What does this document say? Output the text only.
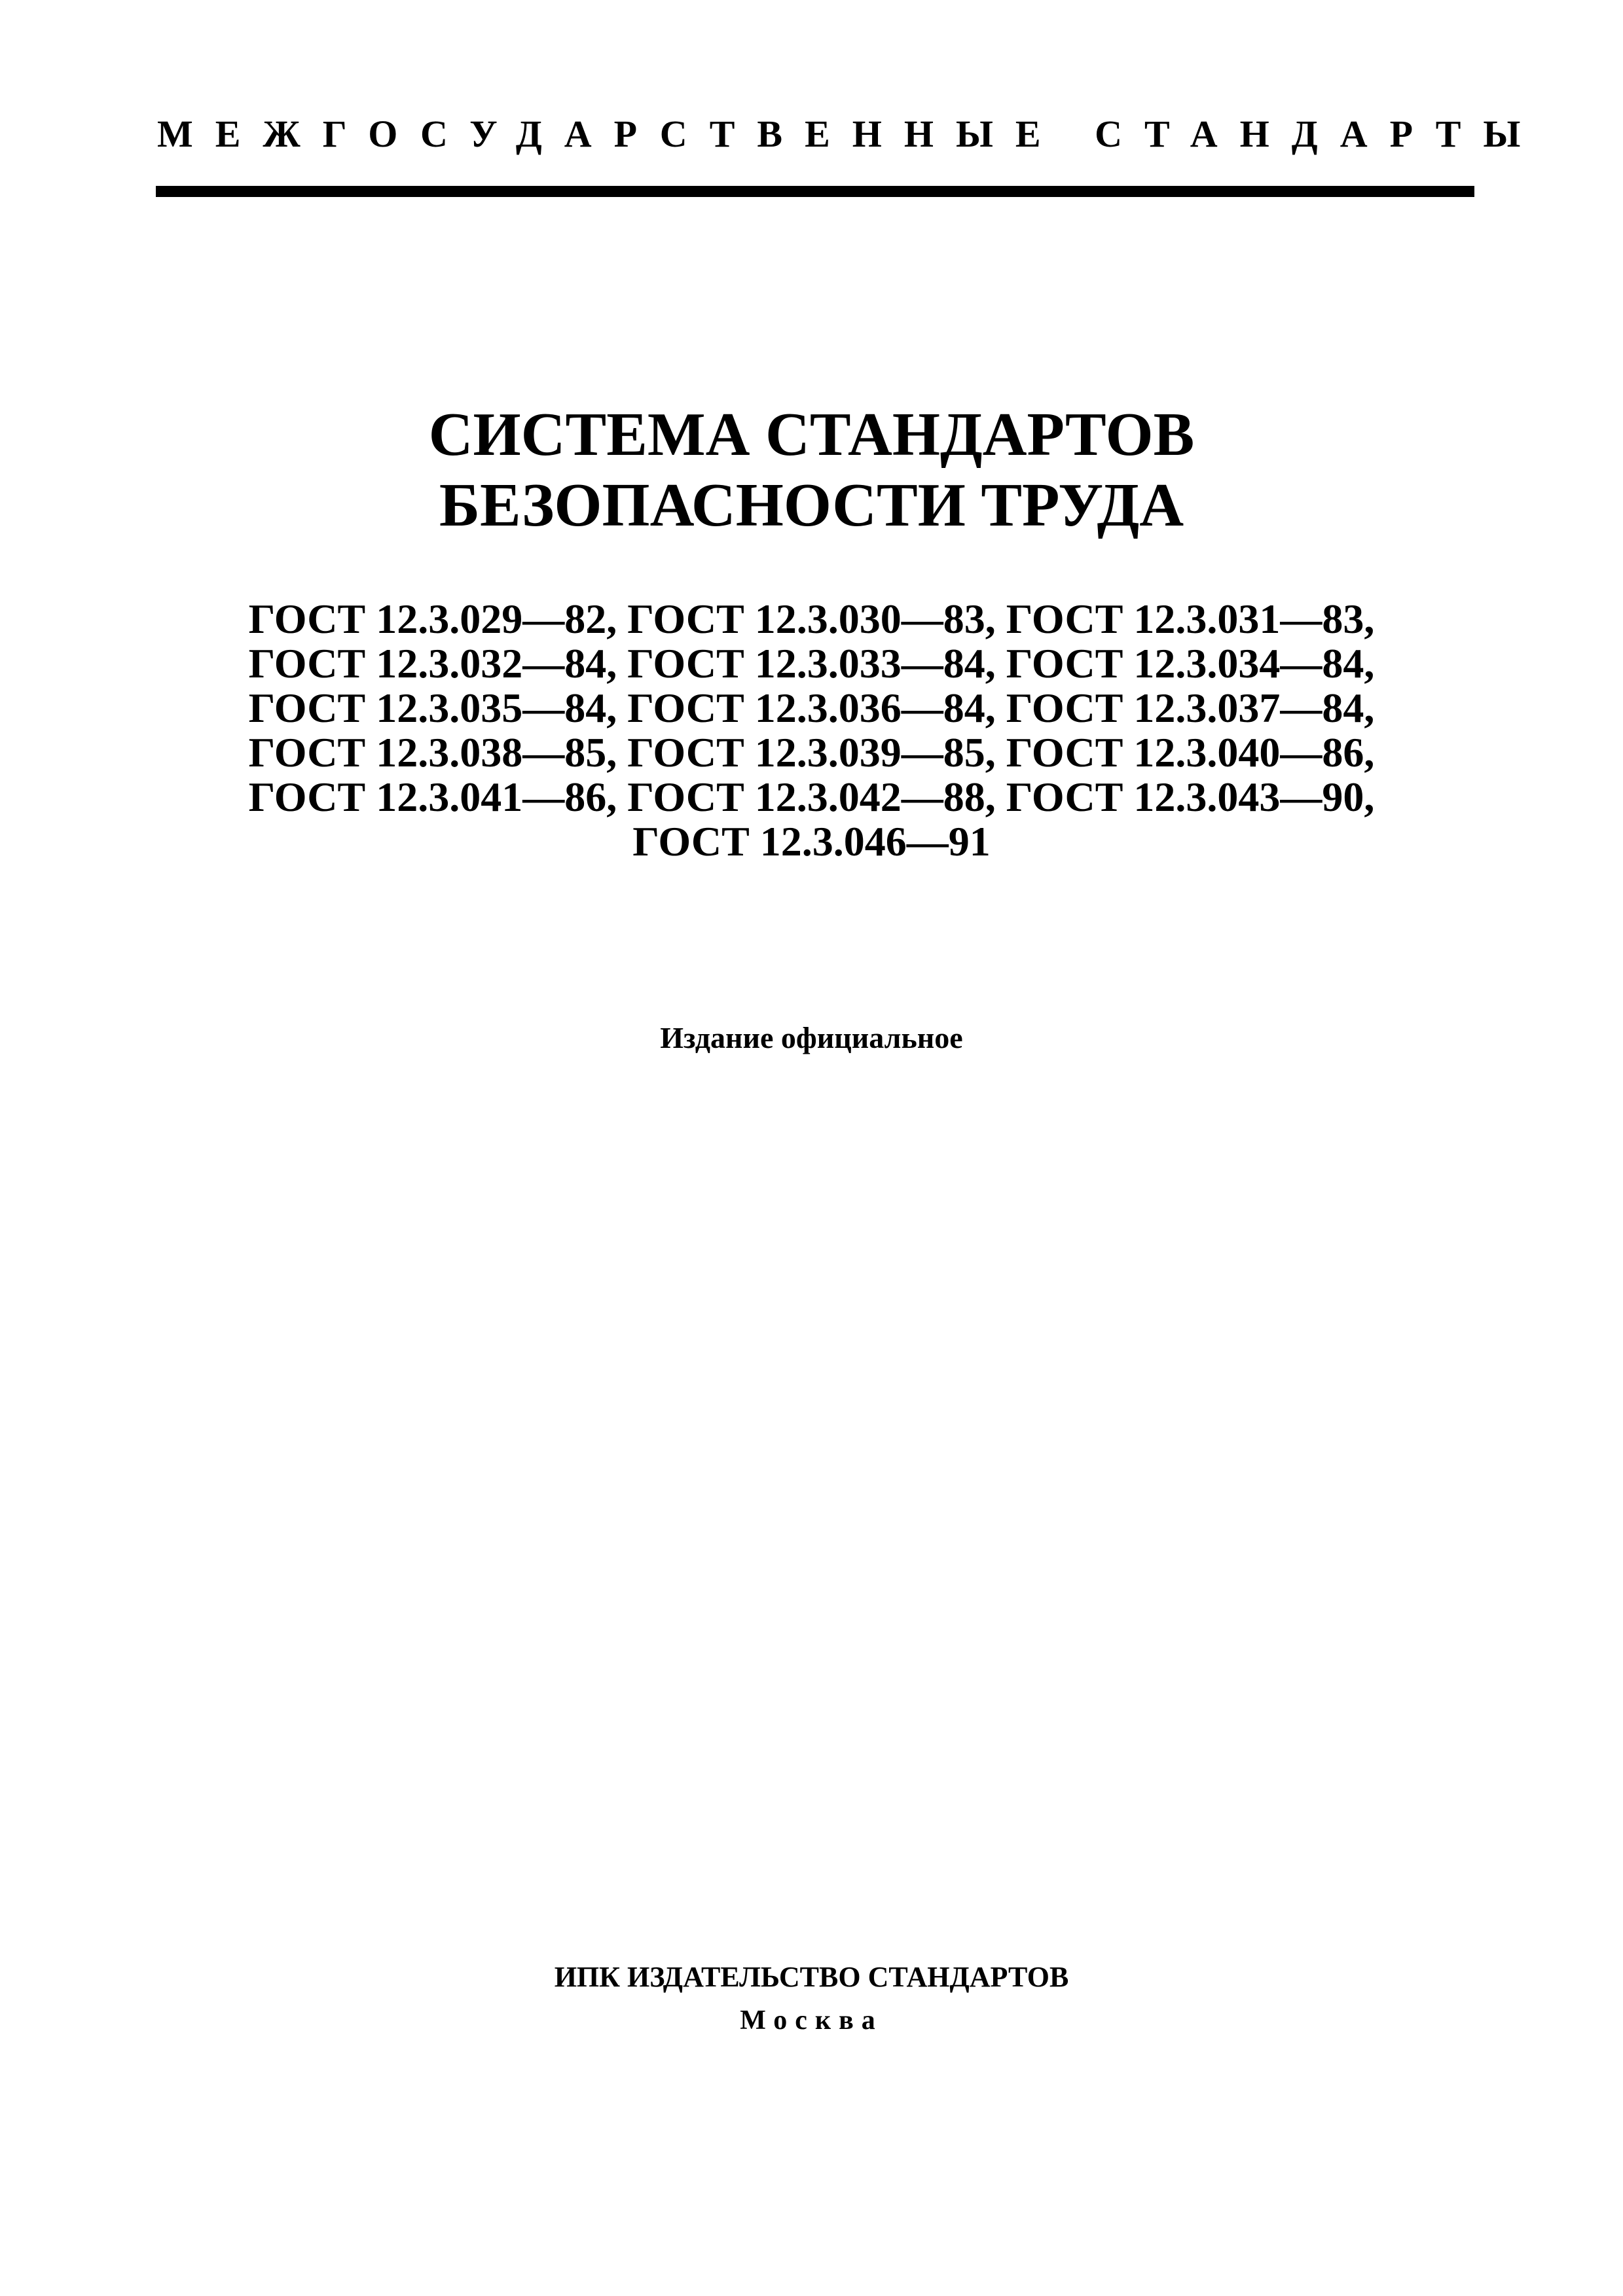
МЕЖГОСУДАРСТВЕННЫЕ СТАНДАРТЫ
СИСТЕМА СТАНДАРТОВ
БЕЗОПАСНОСТИ ТРУДА
ГОСТ 12.3.029—82, ГОСТ 12.3.030—83, ГОСТ 12.3.031—83,
ГОСТ 12.3.032—84, ГОСТ 12.3.033—84, ГОСТ 12.3.034—84,
ГОСТ 12.3.035—84, ГОСТ 12.3.036—84, ГОСТ 12.3.037—84,
ГОСТ 12.3.038—85, ГОСТ 12.3.039—85, ГОСТ 12.3.040—86,
ГОСТ 12.3.041—86, ГОСТ 12.3.042—88, ГОСТ 12.3.043—90,
ГОСТ 12.3.046—91
Издание официальное
ИПК ИЗДАТЕЛЬСТВО СТАНДАРТОВ
Москва
